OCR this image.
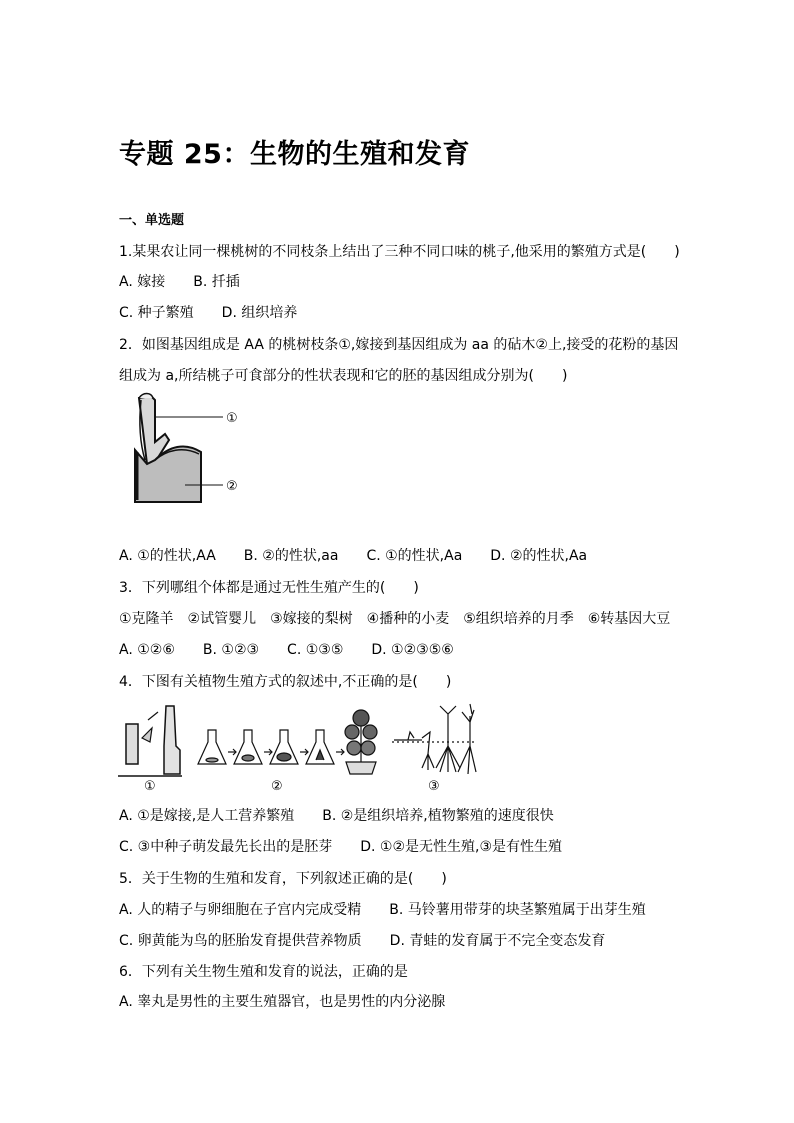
专题 25：生物的生殖和发育
一、单选题
1.某果农让同一棵桃树的不同枝条上结出了三种不同口味的桃子,他采用的繁殖方式是(　　)
A. 嫁接　　B. 扦插
C. 种子繁殖　　D. 组织培养
2．如图基因组成是 AA 的桃树枝条①,嫁接到基因组成为 aa 的砧木②上,接受的花粉的基因
组成为 a,所结桃子可食部分的性状表现和它的胚的基因组成分别为(　　)
①
②
A. ①的性状,AA　　B. ②的性状,aa　　C. ①的性状,Aa　　D. ②的性状,Aa
3．下列哪组个体都是通过无性生殖产生的(　　)
①克隆羊　②试管婴儿　③嫁接的梨树　④播种的小麦　⑤组织培养的月季　⑥转基因大豆
A. ①②⑥　　B. ①②③　　C. ①③⑤　　D. ①②③⑤⑥
4．下图有关植物生殖方式的叙述中,不正确的是(　　)
①	②	③
A. ①是嫁接,是人工营养繁殖　　B. ②是组织培养,植物繁殖的速度很快
C. ③中种子萌发最先长出的是胚芽　　D. ①②是无性生殖,③是有性生殖
5．关于生物的生殖和发育，下列叙述正确的是(　　)
A. 人的精子与卵细胞在子宫内完成受精　　B. 马铃薯用带芽的块茎繁殖属于出芽生殖
C. 卵黄能为鸟的胚胎发育提供营养物质　　D. 青蛙的发育属于不完全变态发育
6．下列有关生物生殖和发育的说法，正确的是
A. 睾丸是男性的主要生殖器官，也是男性的内分泌腺
